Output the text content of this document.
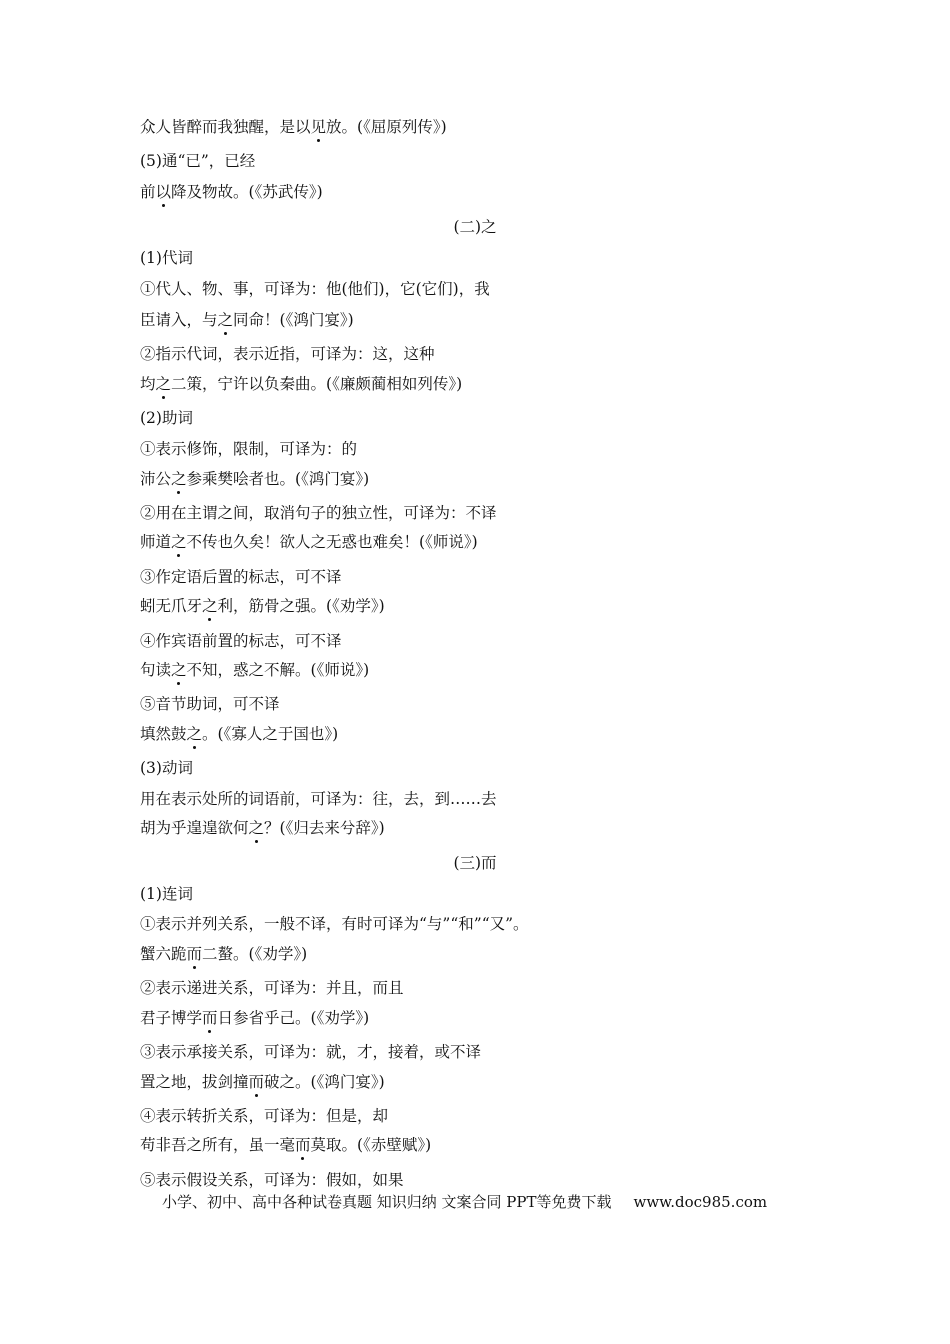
众人皆醉而我独醒，是以见放。(《屈原列传》)
(5)通“已”，已经
前以降及物故。(《苏武传》)
(二)之
(1)代词
①代人、物、事，可译为：他(他们)，它(它们)，我
臣请入，与之同命！(《鸿门宴》)
②指示代词，表示近指，可译为：这，这种
均之二策，宁许以负秦曲。(《廉颇蔺相如列传》)
(2)助词
①表示修饰，限制，可译为：的
沛公之参乘樊哙者也。(《鸿门宴》)
②用在主谓之间，取消句子的独立性，可译为：不译
师道之不传也久矣！欲人之无惑也难矣！(《师说》)
③作定语后置的标志，可不译
蚓无爪牙之利，筋骨之强。(《劝学》)
④作宾语前置的标志，可不译
句读之不知，惑之不解。(《师说》)
⑤音节助词，可不译
填然鼓之。(《寡人之于国也》)
(3)动词
用在表示处所的词语前，可译为：往，去，到……去
胡为乎遑遑欲何之？(《归去来兮辞》)
(三)而
(1)连词
①表示并列关系，一般不译，有时可译为“与”“和”“又”。
蟹六跪而二螯。(《劝学》)
②表示递进关系，可译为：并且，而且
君子博学而日参省乎己。(《劝学》)
③表示承接关系，可译为：就，才，接着，或不译
置之地，拔剑撞而破之。(《鸿门宴》)
④表示转折关系，可译为：但是，却
苟非吾之所有，虽一毫而莫取。(《赤壁赋》)
⑤表示假设关系，可译为：假如，如果
小学、初中、高中各种试卷真题 知识归纳 文案合同 PPT等免费下载 www.doc985.com
